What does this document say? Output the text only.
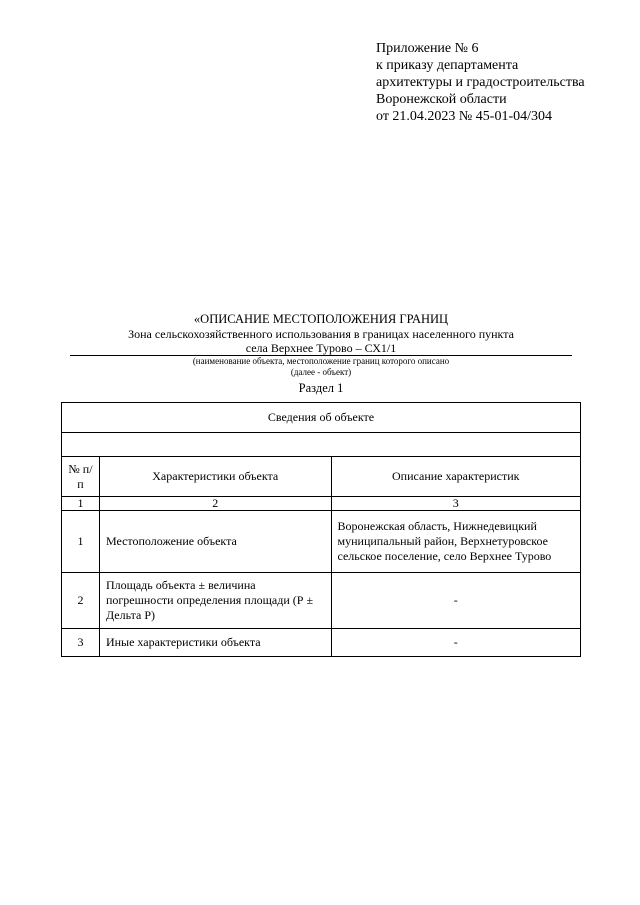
Приложение № 6
к приказу департамента
архитектуры и градостроительства
Воронежской области
от 21.04.2023 № 45-01-04/304
«ОПИСАНИЕ МЕСТОПОЛОЖЕНИЯ ГРАНИЦ
Зона сельскохозяйственного использования в границах населенного пункта
села Верхнее Турово – СХ1/1
(наименование объекта, местоположение границ которого описано
(далее - объект)
Раздел 1
Сведения об объекте		

№ п/п	Характеристики объекта	Описание характеристик
1	2	3
1	Местоположение объекта	Воронежская область, Нижнедевицкий муниципальный район, Верхнетуровское сельское поселение, село Верхнее Турово
2	Площадь объекта ± величина погрешности определения площади (Р ± Дельта Р)	-
3	Иные характеристики объекта	-
